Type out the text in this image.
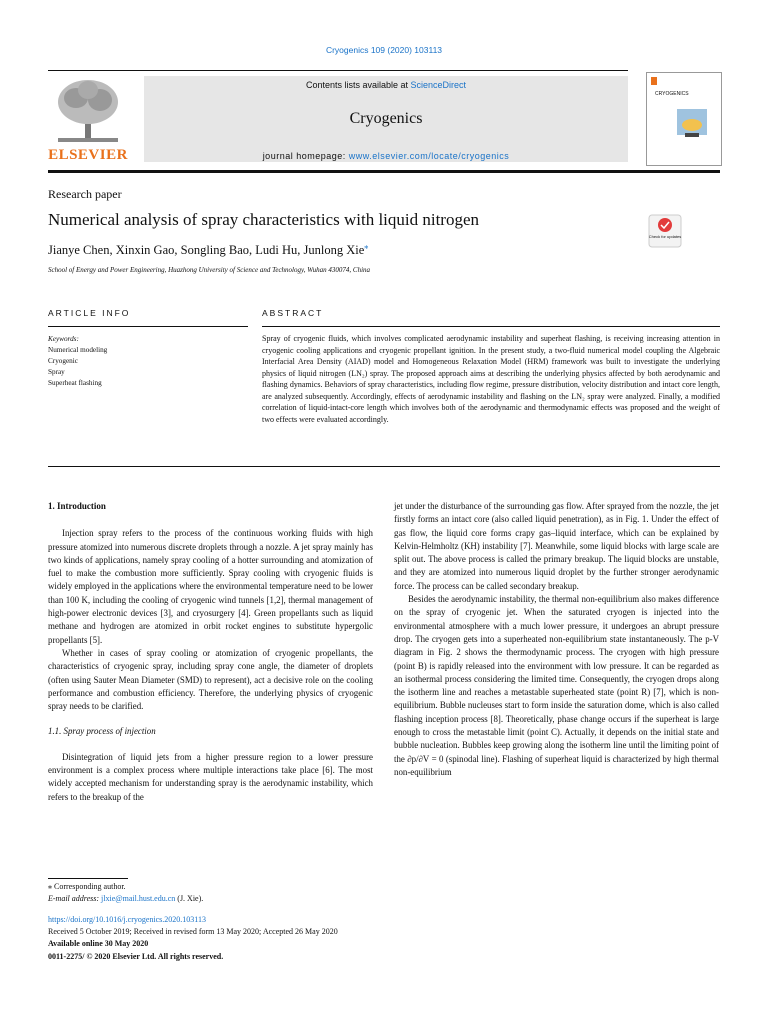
Cryogenics 109 (2020) 103113
ELSEVIER
Contents lists available at ScienceDirect
Cryogenics
journal homepage: www.elsevier.com/locate/cryogenics
CRYOGENICS
Research paper
Numerical analysis of spray characteristics with liquid nitrogen
Jianye Chen, Xinxin Gao, Songling Bao, Ludi Hu, Junlong Xie⁎
School of Energy and Power Engineering, Huazhong University of Science and Technology, Wuhan 430074, China
Check for updates
ARTICLE INFO	ABSTRACT
Keywords:
Numerical modeling
Cryogenic
Spray
Superheat flashing
Spray of cryogenic fluids, which involves complicated aerodynamic instability and superheat flashing, is receiving increasing attention in cryogenic cooling applications and cryogenic propellant ignition. In the present study, a two-fluid numerical model coupling the Algebraic Interfacial Area Density (AIAD) model and Homogeneous Relaxation Model (HRM) framework was built to investigate the underlying physics of liquid nitrogen (LN₂) spray. The proposed approach aims at describing the underlying physics affected by both aerodynamic and flashing dynamics. Behaviors of spray characteristics, including flow regime, pressure distribution, velocity distribution and intact core length, are analyzed subsequently. Accordingly, effects of aerodynamic instability and flashing on the LN₂ spray were analyzed. Finally, a modified correlation of liquid-intact-core length which involves both of the aerodynamic and thermodynamic effects was proposed and the weight of two effects were evaluated accordingly.
1. Introduction

Injection spray refers to the process of the continuous working fluids with high pressure atomized into numerous discrete droplets through a nozzle. A jet spray mainly has two kinds of applications, namely spray cooling of a hotter surrounding and atomization of fuel to make the combustion more sufficiently. Spray cooling with cryogenic fluids is widely employed in the applications where the environmental temperature need to be lower than 100 K, including the cooling of cryogenic wind tunnels [1,2], thermal management of high-power electronic devices [3], and cryosurgery [4]. Green propellants such as liquid methane and hydrogen are atomized in orbit rocket engines to substitute hypergolic propellants [5].

Whether in cases of spray cooling or atomization of cryogenic propellants, the characteristics of cryogenic spray, including spray cone angle, the diameter of droplets (often using Sauter Mean Diameter (SMD) to represent), act a decisive role on the cooling performance and combustion efficiency. Therefore, the underlying physics of cryogenic spray needs to be clarified.

1.1. Spray process of injection

Disintegration of liquid jets from a higher pressure region to a lower pressure environment is a complex process where multiple interactions take place [6]. The most widely accepted mechanism for understanding spray is the aerodynamic instability, which refers to the breakup of the

jet under the disturbance of the surrounding gas flow. After sprayed from the nozzle, the jet firstly forms an intact core (also called liquid penetration), as in Fig. 1. Under the effect of gas flow, the liquid core forms crapy gas–liquid interface, which can be explained by Kelvin-Helmholtz (KH) instability [7]. Meanwhile, some liquid blocks with large scale are split out. The above process is called the primary breakup. The liquid blocks are unstable, and they are atomized into numerous liquid droplet by the further stronger aerodynamic force. The process can be called secondary breakup.

Besides the aerodynamic instability, the thermal non-equilibrium also makes difference on the spray of cryogenic jet. When the saturated cryogen is injected into the environmental atmosphere with a much lower pressure, it undergoes an abrupt pressure drop. The cryogen gets into a superheated non-equilibrium state instantaneously. The p-V diagram in Fig. 2 shows the thermodynamic process. The cryogen with high pressure (point B) is rapidly released into the environment with low pressure. It can be regarded as an isothermal process considering the limited time. Consequently, the cryogen drops along the isotherm line and reaches a metastable superheated state (point R) [7], which is non-equilibrium. Bubble nucleuses start to form inside the saturation dome, which is also called flashing inception process [8]. Theoretically, phase change occurs if the superheat is large enough to cross the metastable limit (point C). Actually, it depends on the initial state and bubble nucleation. Bubbles keep growing along the isotherm line until the limiting point of the ∂p/∂V = 0 (spinodal line). Flashing of superheat liquid is characterized by high thermal non-equilibrium

⁎ Corresponding author.
E-mail address: jlxie@mail.hust.edu.cn (J. Xie).
https://doi.org/10.1016/j.cryogenics.2020.103113
Received 5 October 2019; Received in revised form 13 May 2020; Accepted 26 May 2020
Available online 30 May 2020
0011-2275/ © 2020 Elsevier Ltd. All rights reserved.
